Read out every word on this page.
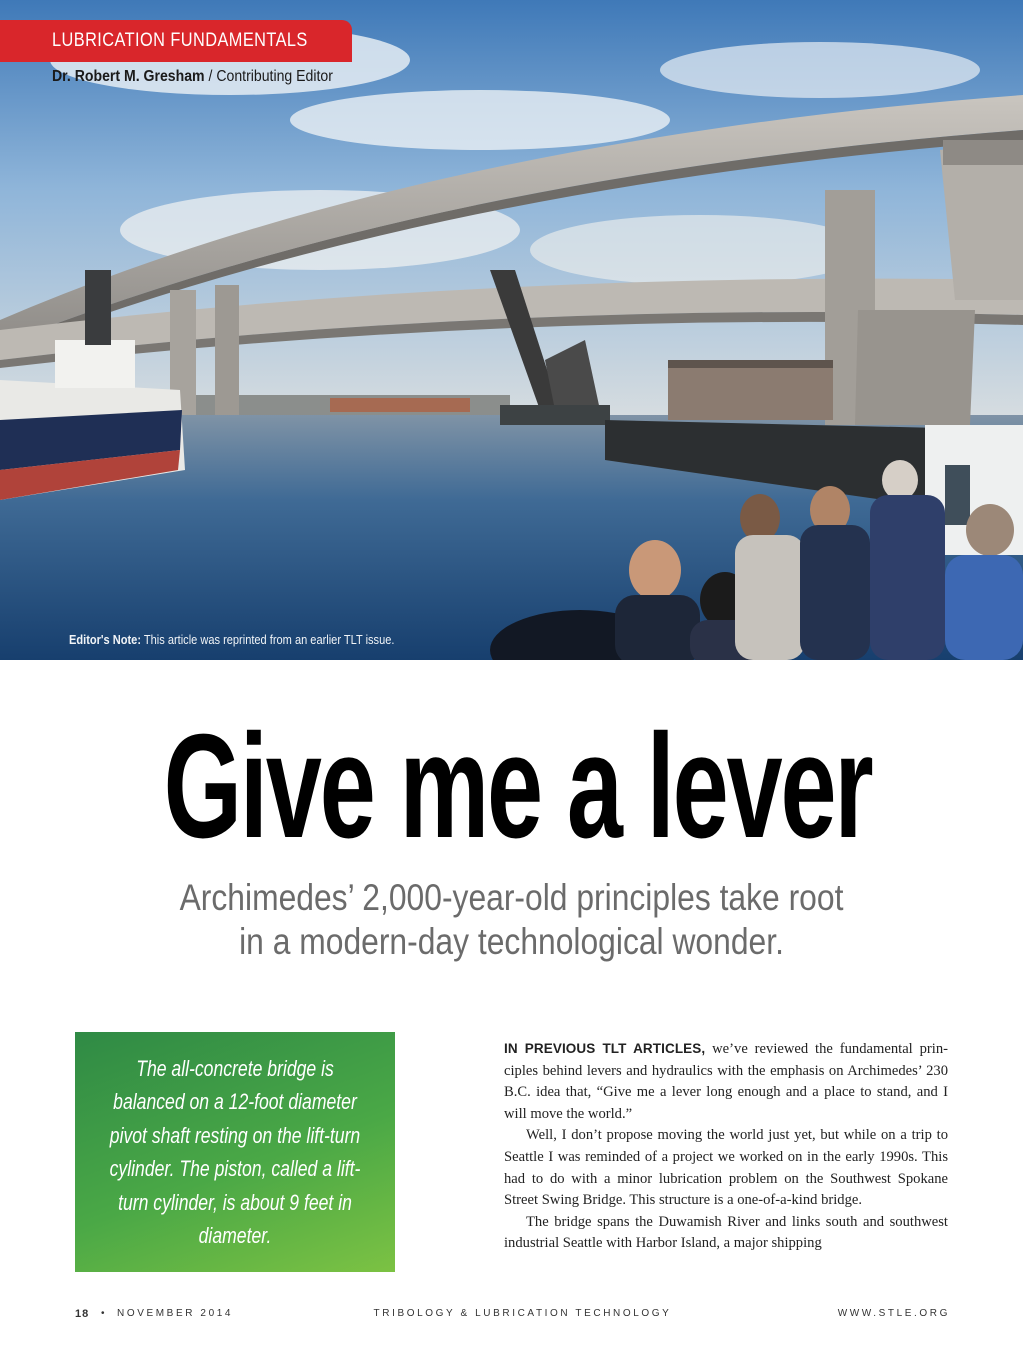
LUBRICATION FUNDAMENTALS
Dr. Robert M. Gresham / Contributing Editor
Editor's Note: This article was reprinted from an earlier TLT issue.
Give me a lever
Archimedes’ 2,000-year-old principles take root
in a modern-day technological wonder.
The all-concrete bridge is balanced on a 12-foot diameter pivot shaft resting on the lift-turn cylinder. The piston, called a lift-turn cylinder, is about 9 feet in diameter.

IN PREVIOUS TLT ARTICLES, we’ve reviewed the fundamental principles behind levers and hydraulics with the emphasis on Archimedes’ 230 B.C. idea that, “Give me a lever long enough and a place to stand, and I will move the world.”

Well, I don’t propose moving the world just yet, but while on a trip to Seattle I was reminded of a project we worked on in the early 1990s. This had to do with a minor lubrication problem on the Southwest Spokane Street Swing Bridge. This structure is a one-of-a-kind bridge.

The bridge spans the Duwamish River and links south and southwest industrial Seattle with Harbor Island, a major shipping

18 • NOVEMBER 2014	TRIBOLOGY & LUBRICATION TECHNOLOGY	WWW.STLE.ORG
